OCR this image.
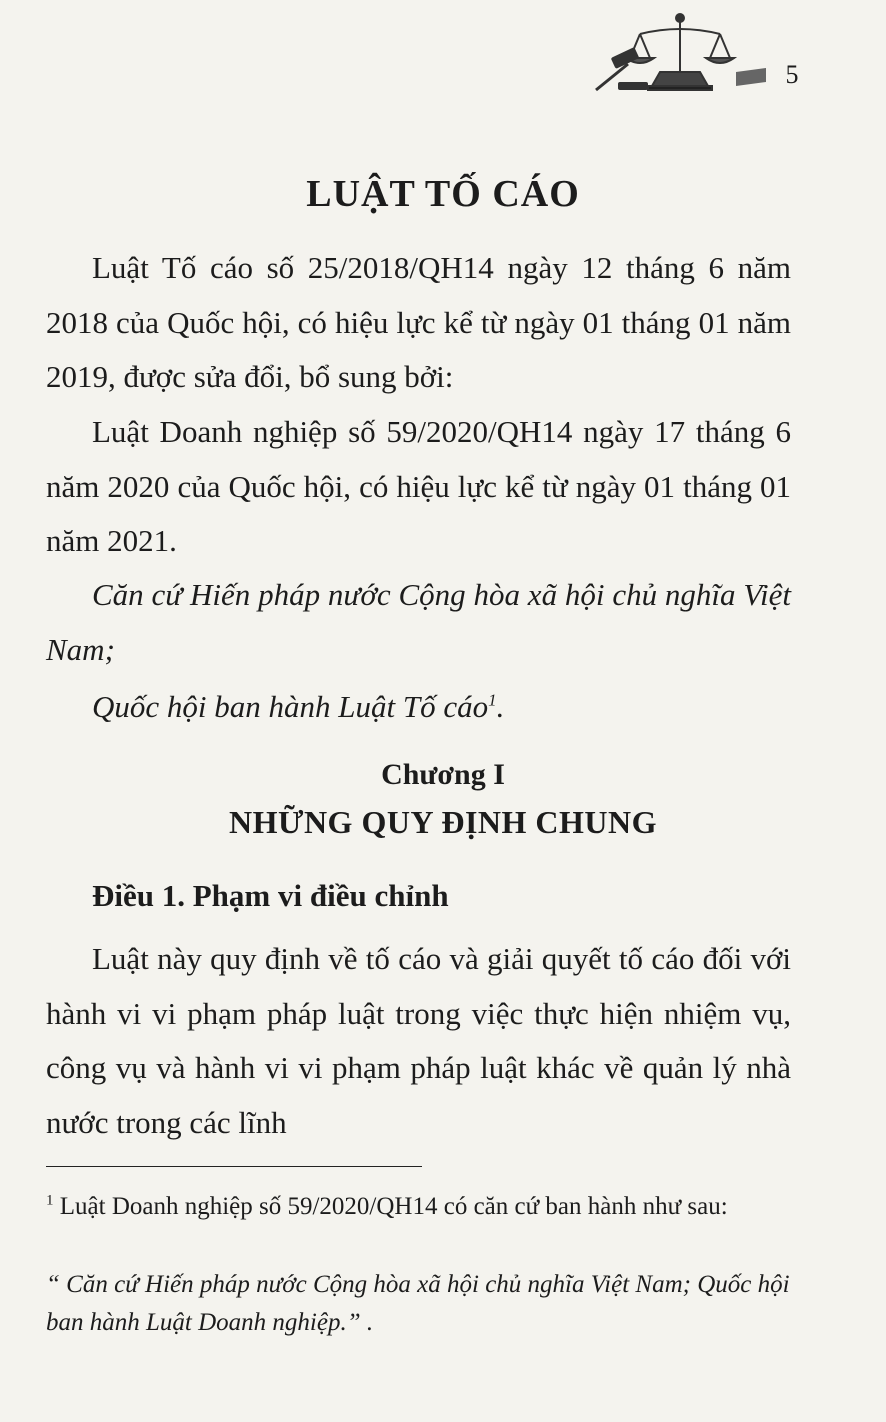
5
LUẬT TỐ CÁO

Luật Tố cáo số 25/2018/QH14 ngày 12 tháng 6 năm 2018 của Quốc hội, có hiệu lực kể từ ngày 01 tháng 01 năm 2019, được sửa đổi, bổ sung bởi:

Luật Doanh nghiệp số 59/2020/QH14 ngày 17 tháng 6 năm 2020 của Quốc hội, có hiệu lực kể từ ngày 01 tháng 01 năm 2021.

Căn cứ Hiến pháp nước Cộng hòa xã hội chủ nghĩa Việt Nam;

Quốc hội ban hành Luật Tố cáo$^1$.

Chương I
NHỮNG QUY ĐỊNH CHUNG
Điều 1. Phạm vi điều chỉnh

Luật này quy định về tố cáo và giải quyết tố cáo đối với hành vi vi phạm pháp luật trong việc thực hiện nhiệm vụ, công vụ và hành vi vi phạm pháp luật khác về quản lý nhà nước trong các lĩnh

$^1$ Luật Doanh nghiệp số 59/2020/QH14 có căn cứ ban hành như sau:

“ Căn cứ Hiến pháp nước Cộng hòa xã hội chủ nghĩa Việt Nam; Quốc hội ban hành Luật Doanh nghiệp.” .
